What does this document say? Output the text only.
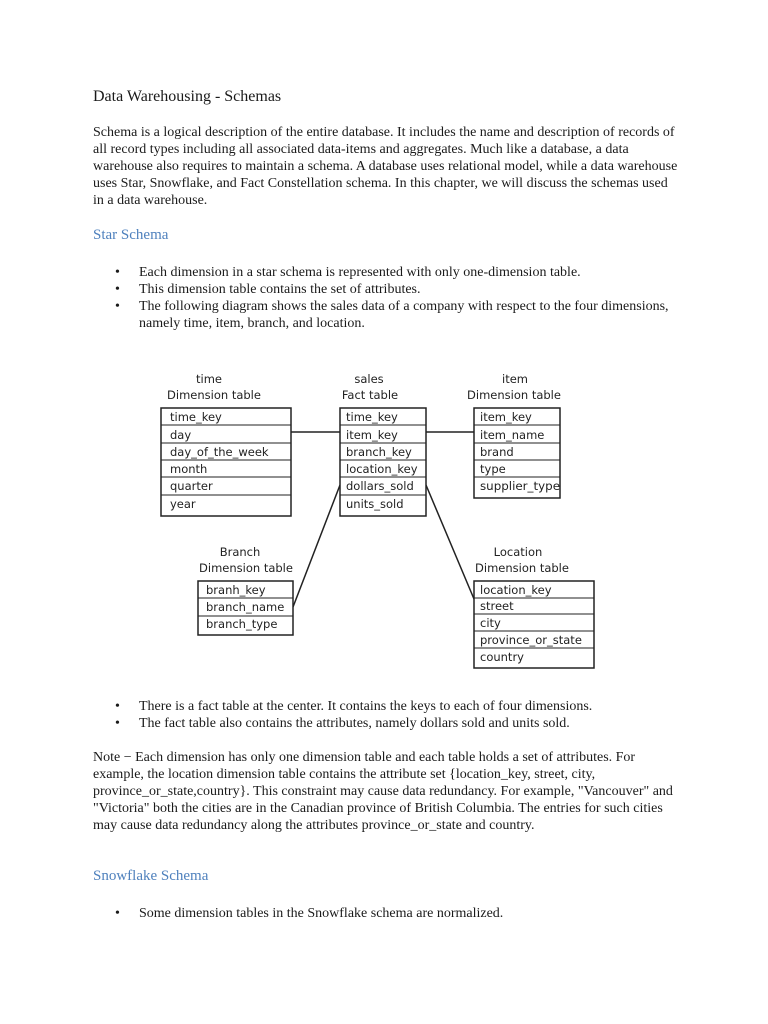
Data Warehousing - Schemas

Schema is a logical description of the entire database. It includes the name and description of records of all record types including all associated data-items and aggregates. Much like a database, a data warehouse also requires to maintain a schema. A database uses relational model, while a data warehouse uses Star, Snowflake, and Fact Constellation schema. In this chapter, we will discuss the schemas used in a data warehouse.

Star Schema
• Each dimension in a star schema is represented with only one-dimension table.
• This dimension table contains the set of attributes.
• The following diagram shows the sales data of a company with respect to the four dimensions, namely time, item, branch, and location.
time
Dimension table
time_key
day
day_of_the_week
month
quarter
year
sales
Fact table
time_key
item_key
branch_key
location_key
dollars_sold
units_sold
item
Dimension table
item_key
item_name
brand
type
supplier_type
Branch
Dimension table
branh_key
branch_name
branch_type
Location
Dimension table
location_key
street
city
province_or_state
country
• There is a fact table at the center. It contains the keys to each of four dimensions.
• The fact table also contains the attributes, namely dollars sold and units sold.

Note − Each dimension has only one dimension table and each table holds a set of attributes. For example, the location dimension table contains the attribute set {location_key, street, city, province_or_state,country}. This constraint may cause data redundancy. For example, "Vancouver" and "Victoria" both the cities are in the Canadian province of British Columbia. The entries for such cities may cause data redundancy along the attributes province_or_state and country.

Snowflake Schema
• Some dimension tables in the Snowflake schema are normalized.
